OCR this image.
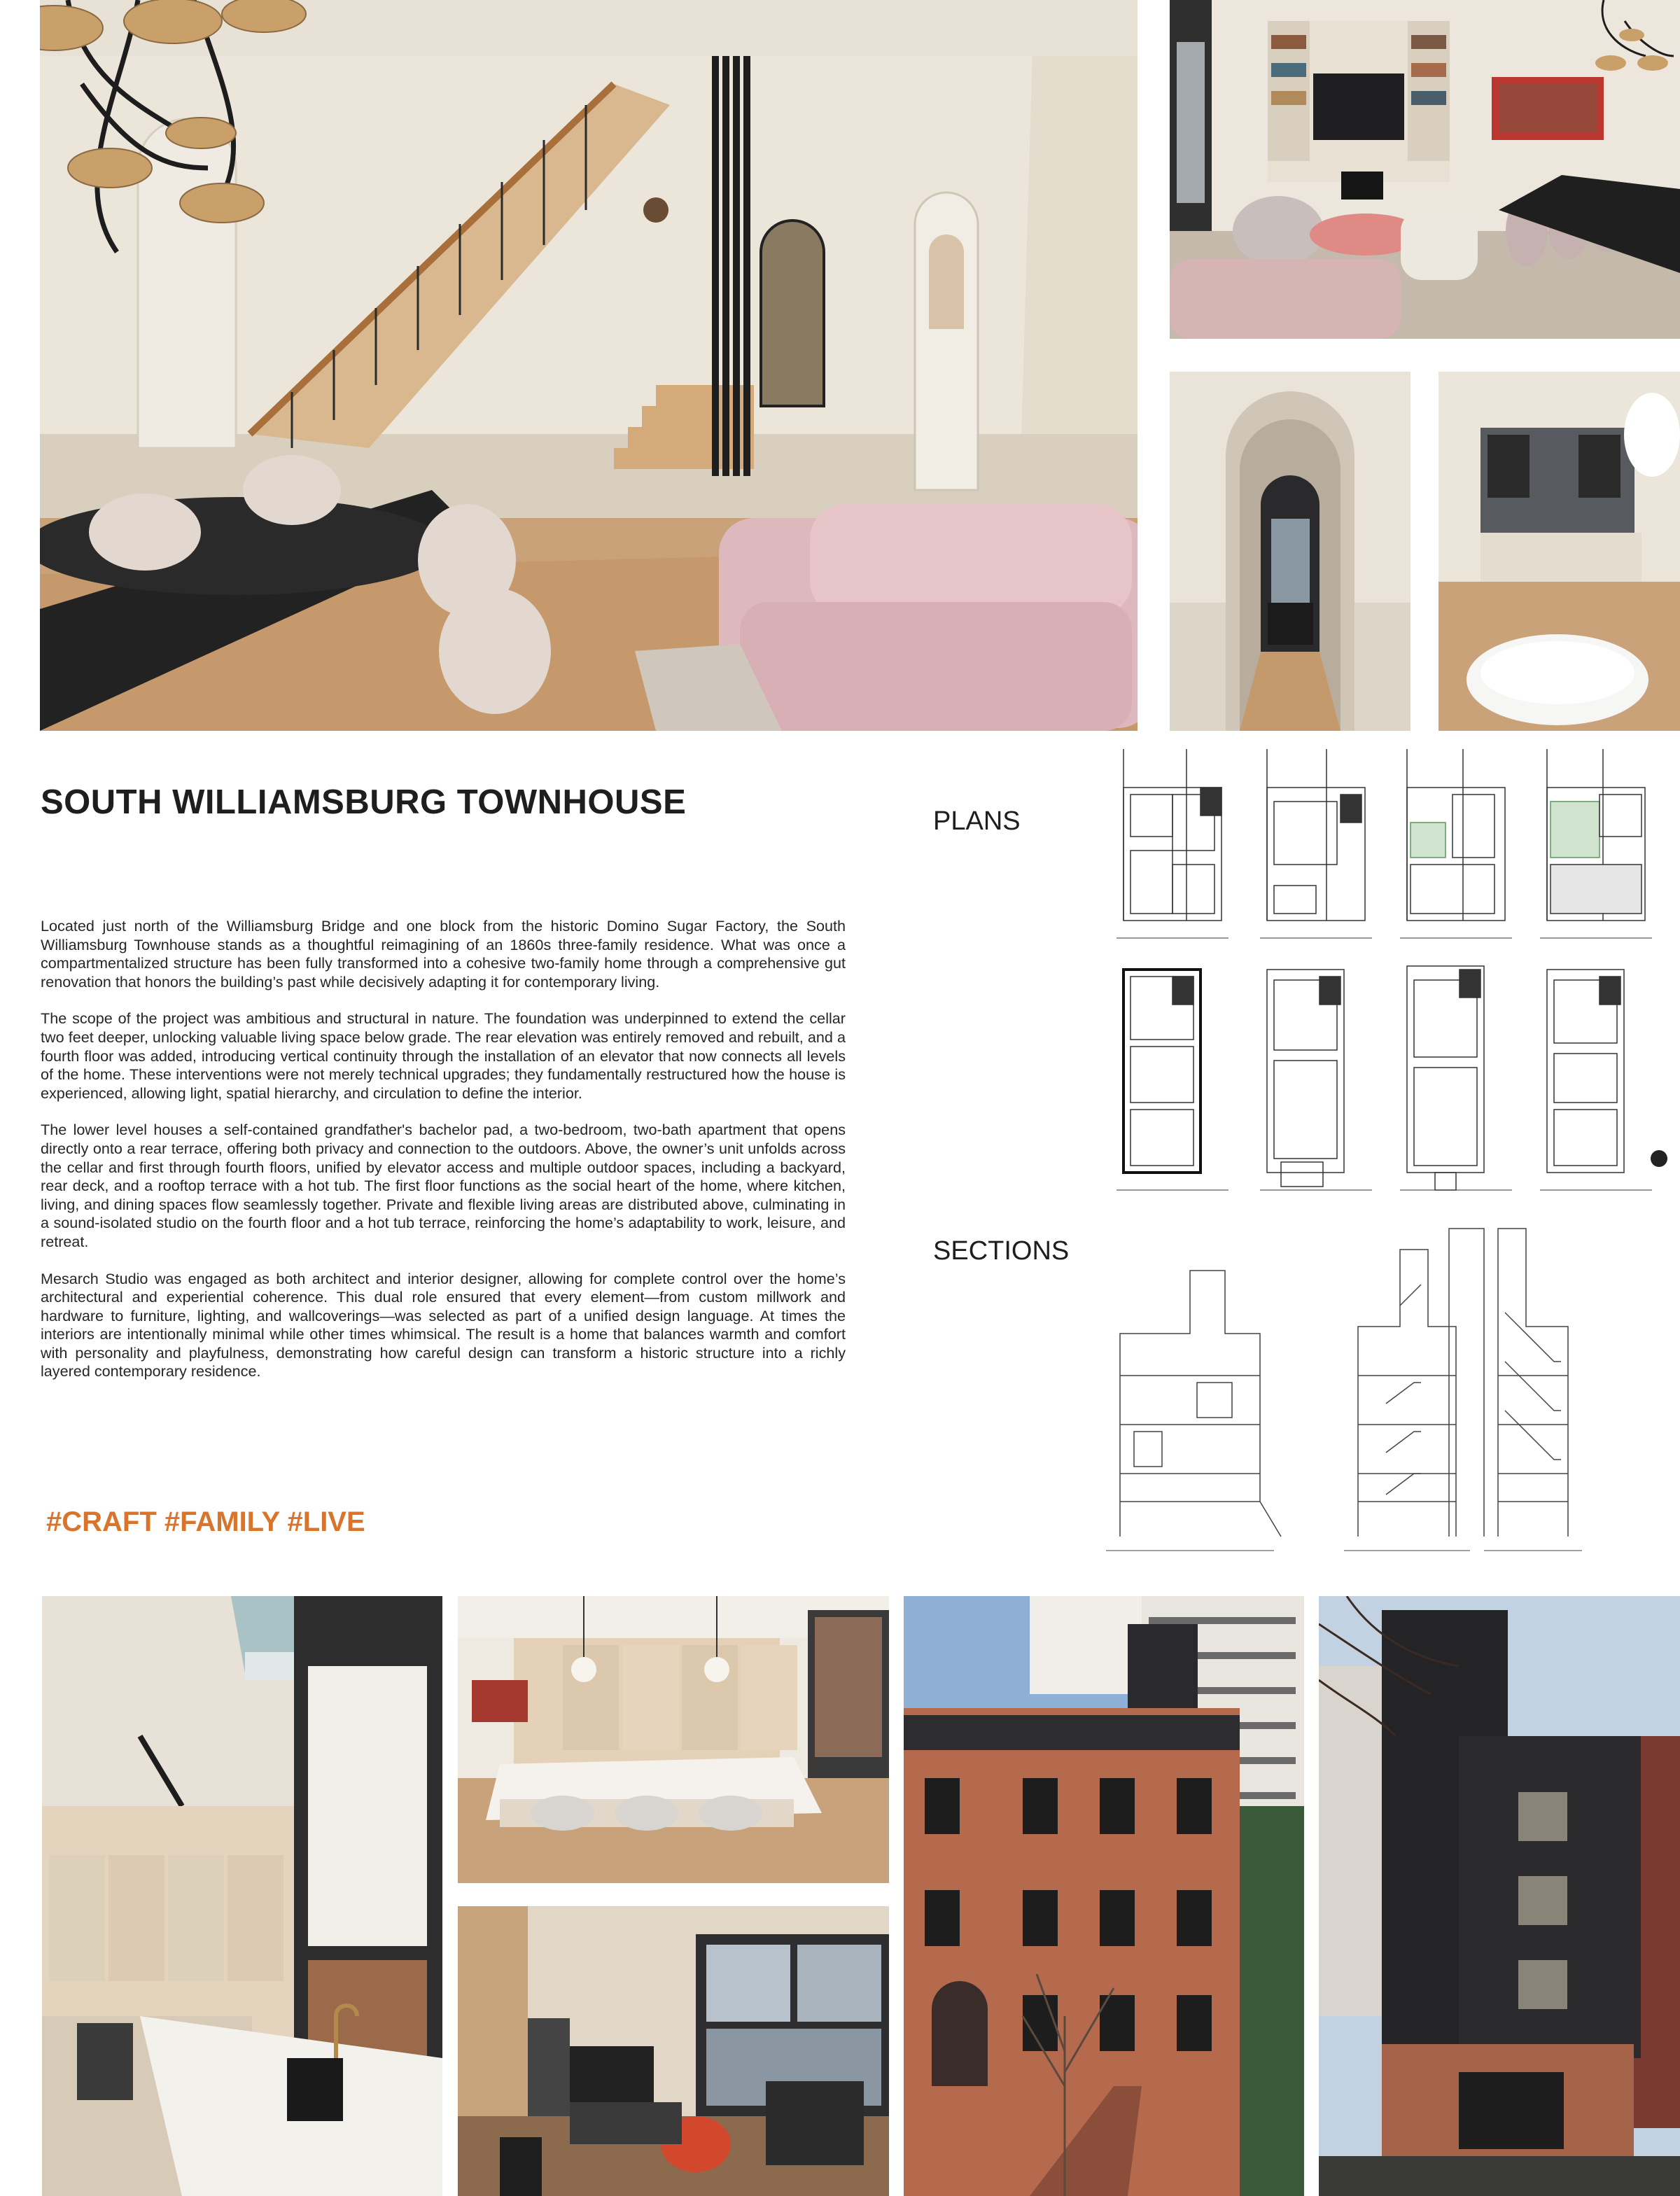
SOUTH WILLIAMSBURG TOWNHOUSE

Located just north of the Williamsburg Bridge and one block from the historic Domino Sugar Factory, the South Williamsburg Townhouse stands as a thoughtful reimagining of an 1860s three-family residence. What was once a compartmentalized structure has been fully transformed into a cohesive two-family home through a comprehensive gut renovation that honors the building’s past while decisively adapting it for contemporary living.

The scope of the project was ambitious and structural in nature. The foundation was underpinned to extend the cellar two feet deeper, unlocking valuable living space below grade. The rear elevation was entirely removed and rebuilt, and a fourth floor was added, introducing vertical continuity through the installation of an elevator that now connects all levels of the home. These interventions were not merely technical upgrades; they fundamentally restructured how the house is experienced, allowing light, spatial hierarchy, and circulation to define the interior.

The lower level houses a self-contained grandfather's bachelor pad, a two-bedroom, two-bath apartment that opens directly onto a rear terrace, offering both privacy and connection to the outdoors. Above, the owner’s unit unfolds across the cellar and first through fourth floors, unified by elevator access and multiple outdoor spaces, including a backyard, rear deck, and a rooftop terrace with a hot tub. The first floor functions as the social heart of the home, where kitchen, living, and dining spaces flow seamlessly together. Private and flexible living areas are distributed above, culminating in a sound-isolated studio on the fourth floor and a hot tub terrace, reinforcing the home’s adaptability to work, leisure, and retreat.

Mesarch Studio was engaged as both architect and interior designer, allowing for complete control over the home’s architectural and experiential coherence. This dual role ensured that every element—from custom millwork and hardware to furniture, lighting, and wallcoverings—was selected as part of a unified design language. At times the interiors are intentionally minimal while other times whimsical. The result is a home that balances warmth and comfort with personality and playfulness, demonstrating how careful design can transform a historic structure into a richly layered contemporary residence.

#CRAFT #FAMILY #LIVE
PLANS
SECTIONS
